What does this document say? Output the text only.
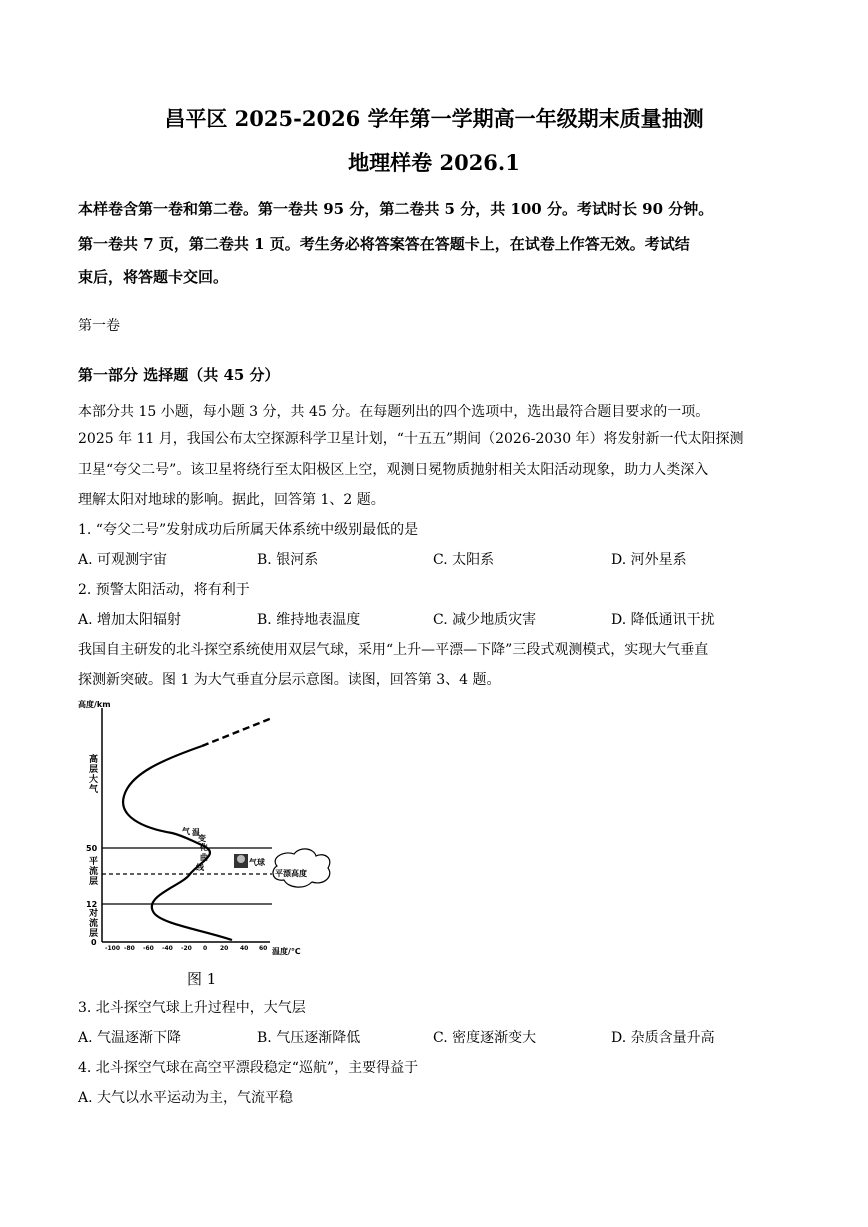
昌平区 2025-2026 学年第一学期高一年级期末质量抽测
地理样卷 2026.1
本样卷含第一卷和第二卷。第一卷共 95 分，第二卷共 5 分，共 100 分。考试时长 90 分钟。
第一卷共 7 页，第二卷共 1 页。考生务必将答案答在答题卡上，在试卷上作答无效。考试结
束后，将答题卡交回。
第一卷
第一部分 选择题（共 45 分）
本部分共 15 小题，每小题 3 分，共 45 分。在每题列出的四个选项中，选出最符合题目要求的一项。
2025 年 11 月，我国公布太空探源科学卫星计划，“十五五”期间（2026-2030 年）将发射新一代太阳探测
卫星“夸父二号”。该卫星将绕行至太阳极区上空，观测日冕物质抛射相关太阳活动现象，助力人类深入
理解太阳对地球的影响。据此，回答第 1、2 题。
1. “夸父二号”发射成功后所属天体系统中级别最低的是
A. 可观测宇宙	B. 银河系	C. 太阳系	D. 河外星系
2. 预警太阳活动，将有利于
A. 增加太阳辐射	B. 维持地表温度	C. 减少地质灾害	D. 降低通讯干扰
我国自主研发的北斗探空系统使用双层气球，采用“上升—平漂—下降”三段式观测模式，实现大气垂直
探测新突破。图 1 为大气垂直分层示意图。读图，回答第 3、4 题。
高度/km
温度/℃
50
12
0
-100 -80 -60 -40 -20 0 20 40 60
高层大气
平流层
对流层
气 温变化曲线
气球
平漂高度
图 1
3. 北斗探空气球上升过程中，大气层
A. 气温逐渐下降	B. 气压逐渐降低	C. 密度逐渐变大	D. 杂质含量升高
4. 北斗探空气球在高空平漂段稳定“巡航”，主要得益于
A. 大气以水平运动为主，气流平稳
